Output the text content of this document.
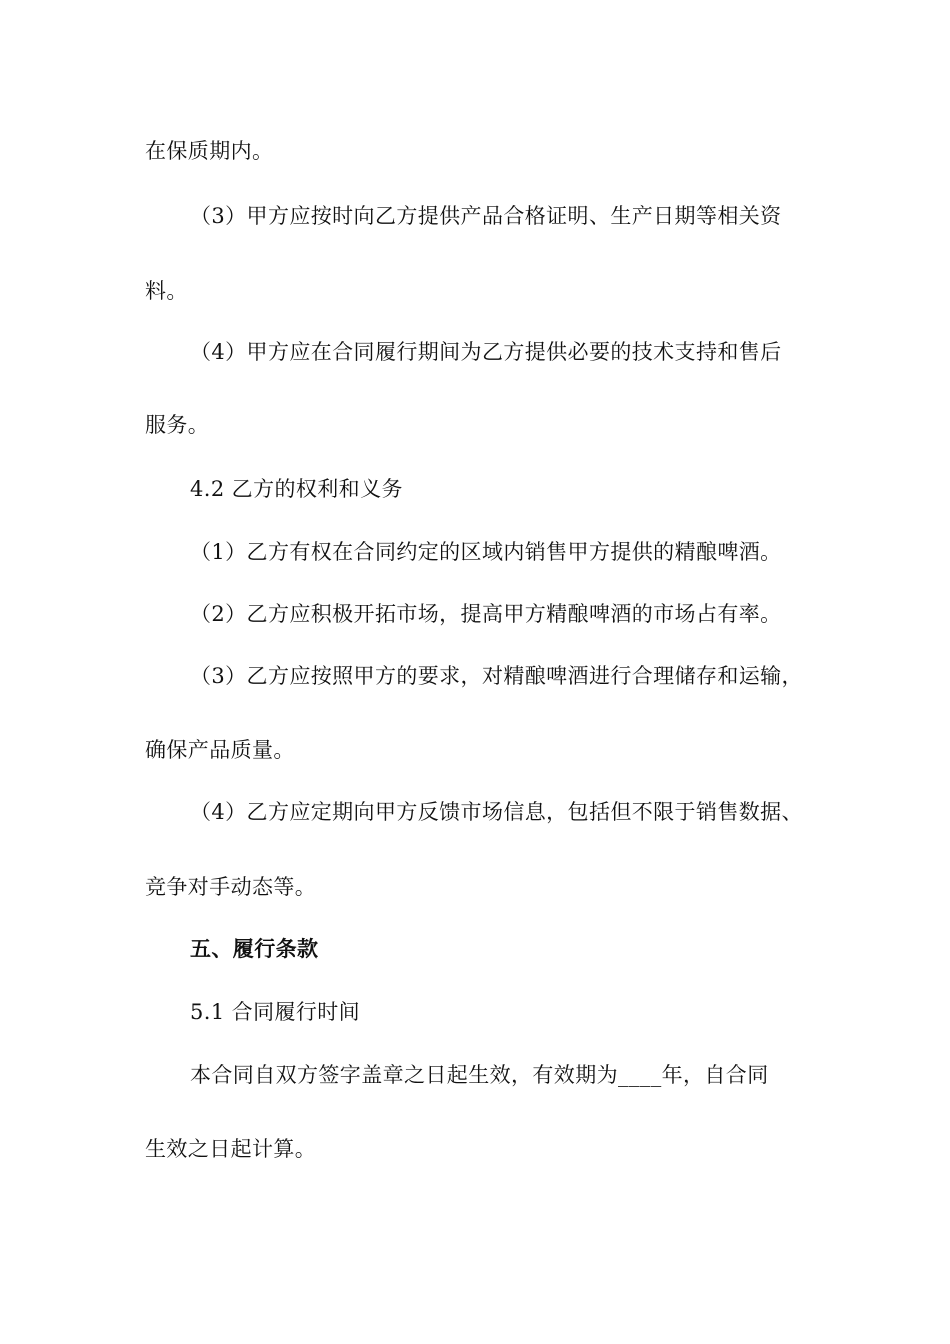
在保质期内。
（3）甲方应按时向乙方提供产品合格证明、生产日期等相关资
料。
（4）甲方应在合同履行期间为乙方提供必要的技术支持和售后
服务。
4.2 乙方的权利和义务
（1）乙方有权在合同约定的区域内销售甲方提供的精酿啤酒。
（2）乙方应积极开拓市场，提高甲方精酿啤酒的市场占有率。
（3）乙方应按照甲方的要求，对精酿啤酒进行合理储存和运输，
确保产品质量。
（4）乙方应定期向甲方反馈市场信息，包括但不限于销售数据、
竞争对手动态等。
五、履行条款
5.1 合同履行时间
本合同自双方签字盖章之日起生效，有效期为____年，自合同
生效之日起计算。
